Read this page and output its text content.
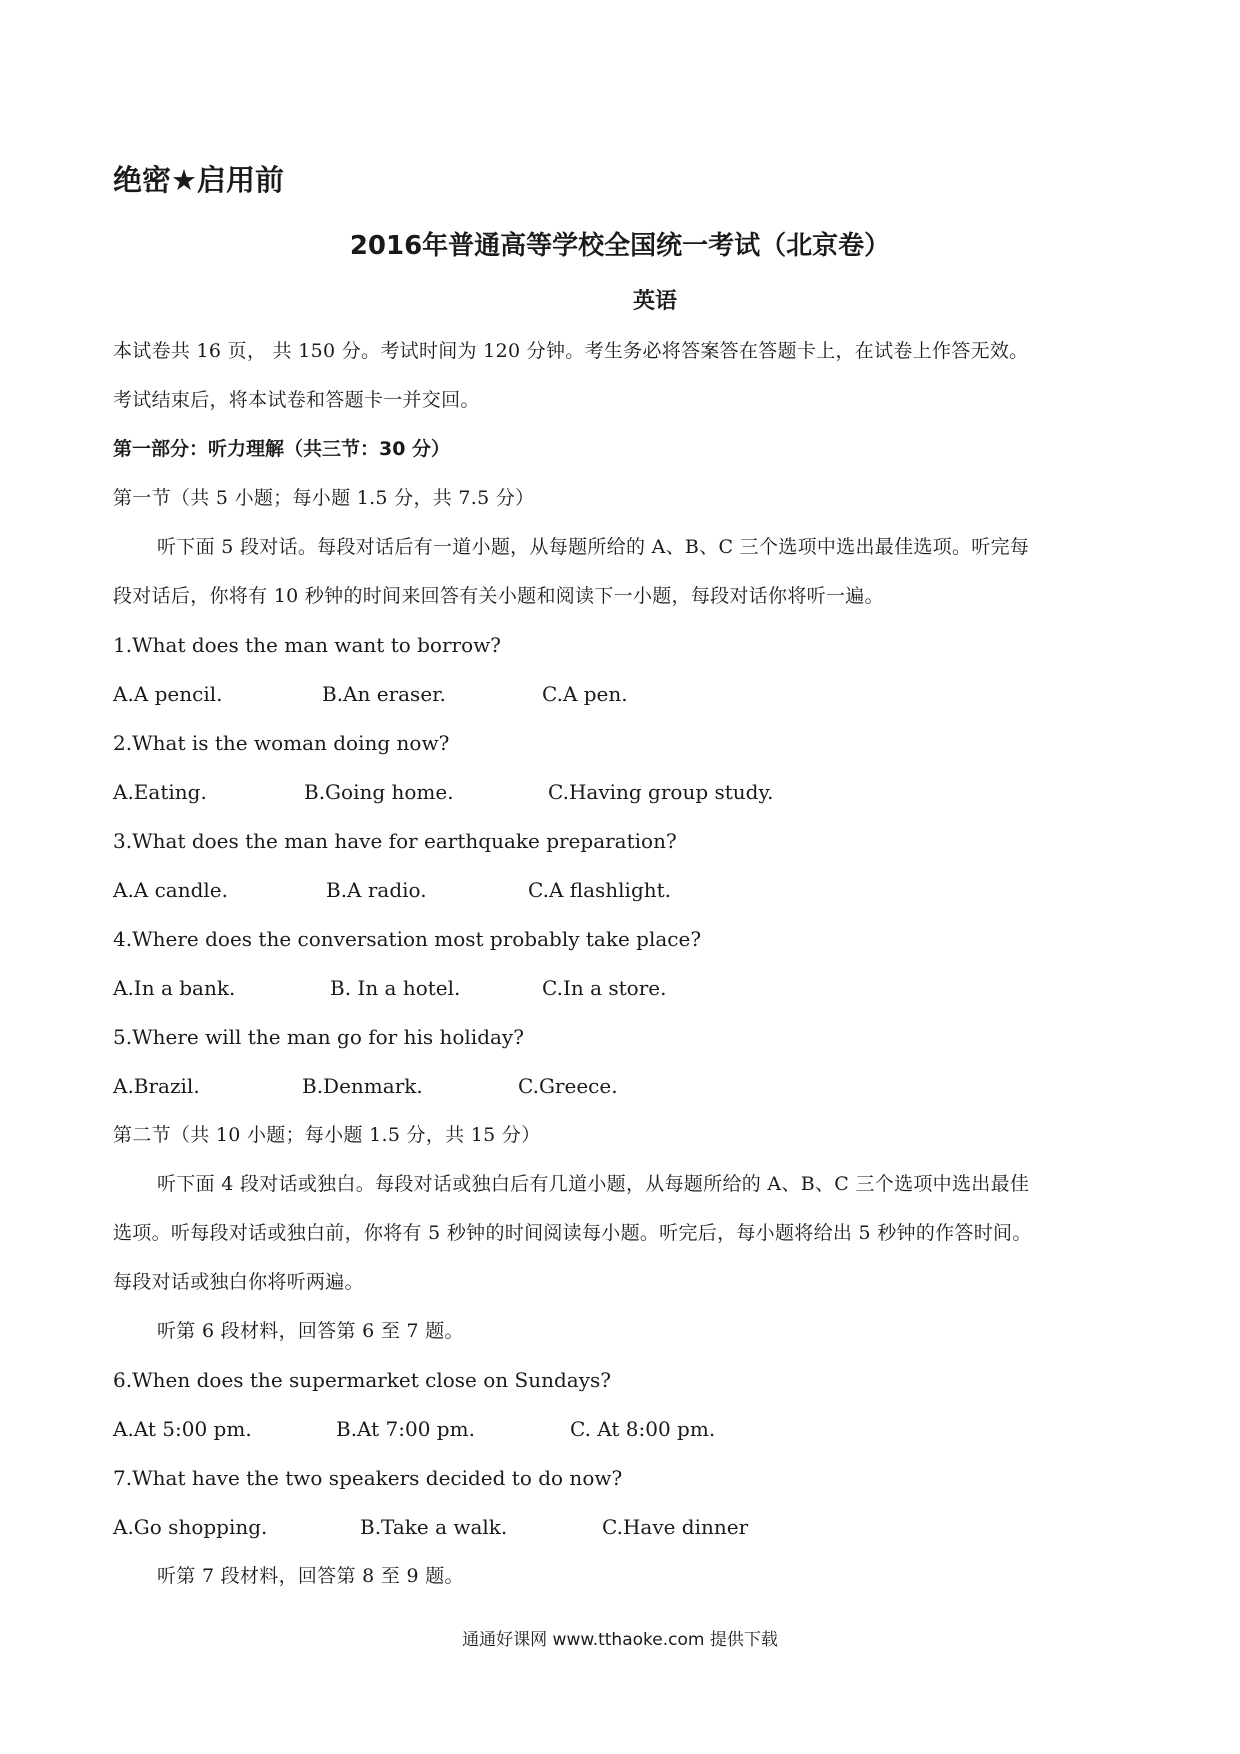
绝密★启用前
2016年普通高等学校全国统一考试（北京卷）
英语
本试卷共 16 页， 共 150 分。考试时间为 120 分钟。考生务必将答案答在答题卡上，在试卷上作答无效。
考试结束后，将本试卷和答题卡一并交回。
第一部分：听力理解（共三节：30 分）
第一节（共 5 小题；每小题 1.5 分，共 7.5 分）
听下面 5 段对话。每段对话后有一道小题，从每题所给的 A、B、C 三个选项中选出最佳选项。听完每
段对话后，你将有 10 秒钟的时间来回答有关小题和阅读下一小题，每段对话你将听一遍。
1.What does the man want to borrow?
A.A pencil.	B.An eraser.	C.A pen.
2.What is the woman doing now?
A.Eating.	B.Going home.	C.Having group study.
3.What does the man have for earthquake preparation?
A.A candle.	B.A radio.	C.A flashlight.
4.Where does the conversation most probably take place?
A.In a bank.	B. In a hotel.	C.In a store.
5.Where will the man go for his holiday?
A.Brazil.	B.Denmark.	C.Greece.
第二节（共 10 小题；每小题 1.5 分，共 15 分）
听下面 4 段对话或独白。每段对话或独白后有几道小题，从每题所给的 A、B、C 三个选项中选出最佳
选项。听每段对话或独白前，你将有 5 秒钟的时间阅读每小题。听完后，每小题将给出 5 秒钟的作答时间。
每段对话或独白你将听两遍。
听第 6 段材料，回答第 6 至 7 题。
6.When does the supermarket close on Sundays?
A.At 5:00 pm.	B.At 7:00 pm.	C. At 8:00 pm.
7.What have the two speakers decided to do now?
A.Go shopping.	B.Take a walk.	C.Have dinner
听第 7 段材料，回答第 8 至 9 题。
通通好课网 www.tthaoke.com 提供下载
